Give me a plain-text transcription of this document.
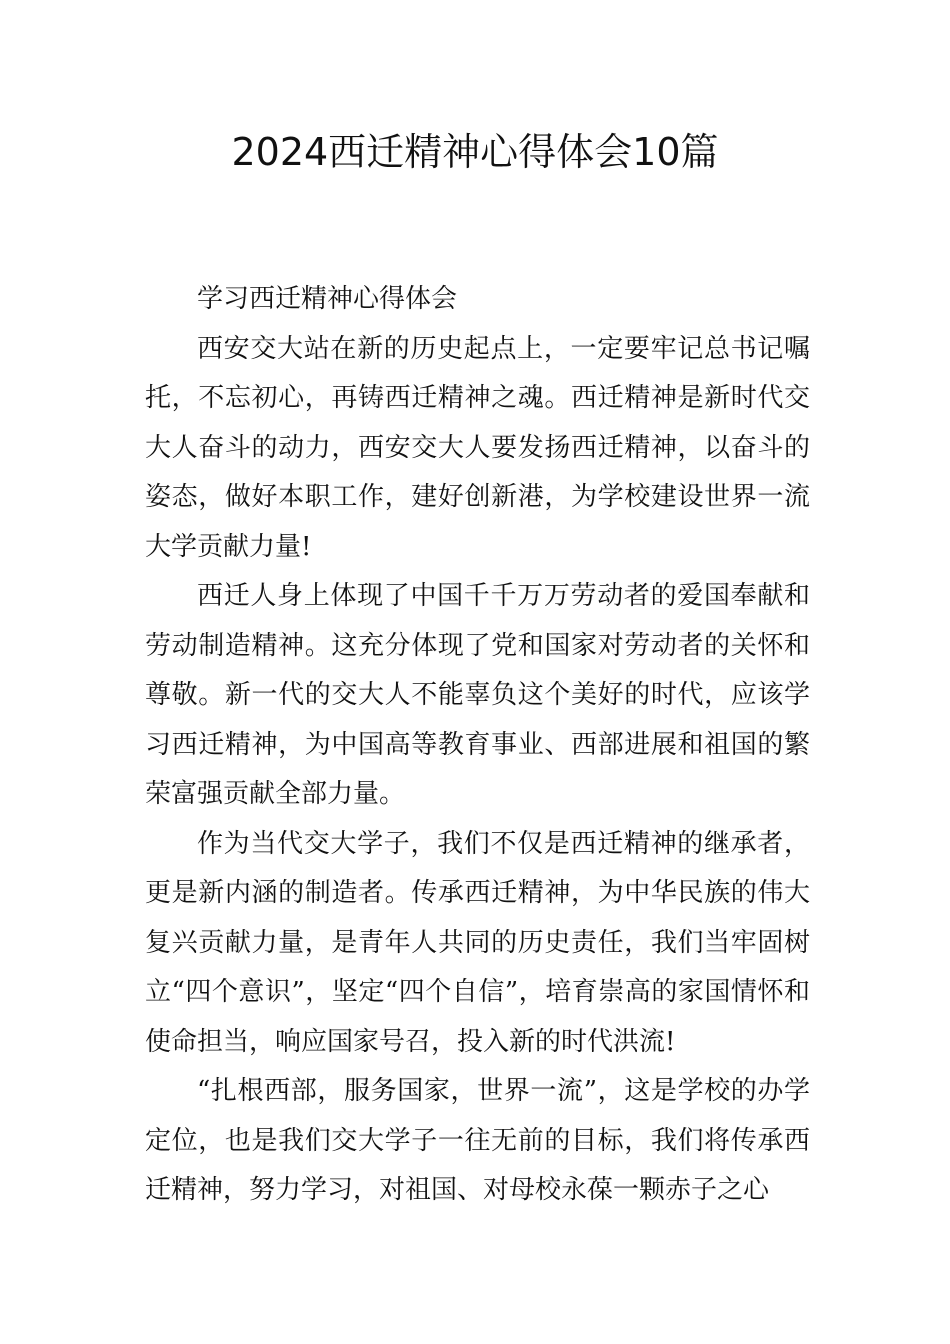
2024西迁精神心得体会10篇

学习西迁精神心得体会

西安交大站在新的历史起点上，一定要牢记总书记嘱托，不忘初心，再铸西迁精神之魂。西迁精神是新时代交大人奋斗的动力，西安交大人要发扬西迁精神，以奋斗的姿态，做好本职工作，建好创新港，为学校建设世界一流大学贡献力量!

西迁人身上体现了中国千千万万劳动者的爱国奉献和劳动制造精神。这充分体现了党和国家对劳动者的关怀和尊敬。新一代的交大人不能辜负这个美好的时代，应该学习西迁精神，为中国高等教育事业、西部进展和祖国的繁荣富强贡献全部力量。

作为当代交大学子，我们不仅是西迁精神的继承者，更是新内涵的制造者。传承西迁精神，为中华民族的伟大复兴贡献力量，是青年人共同的历史责任，我们当牢固树立“四个意识”，坚定“四个自信”，培育崇高的家国情怀和使命担当，响应国家号召，投入新的时代洪流!

“扎根西部，服务国家，世界一流”，这是学校的办学定位，也是我们交大学子一往无前的目标，我们将传承西迁精神，努力学习，对祖国、对母校永葆一颗赤子之心
